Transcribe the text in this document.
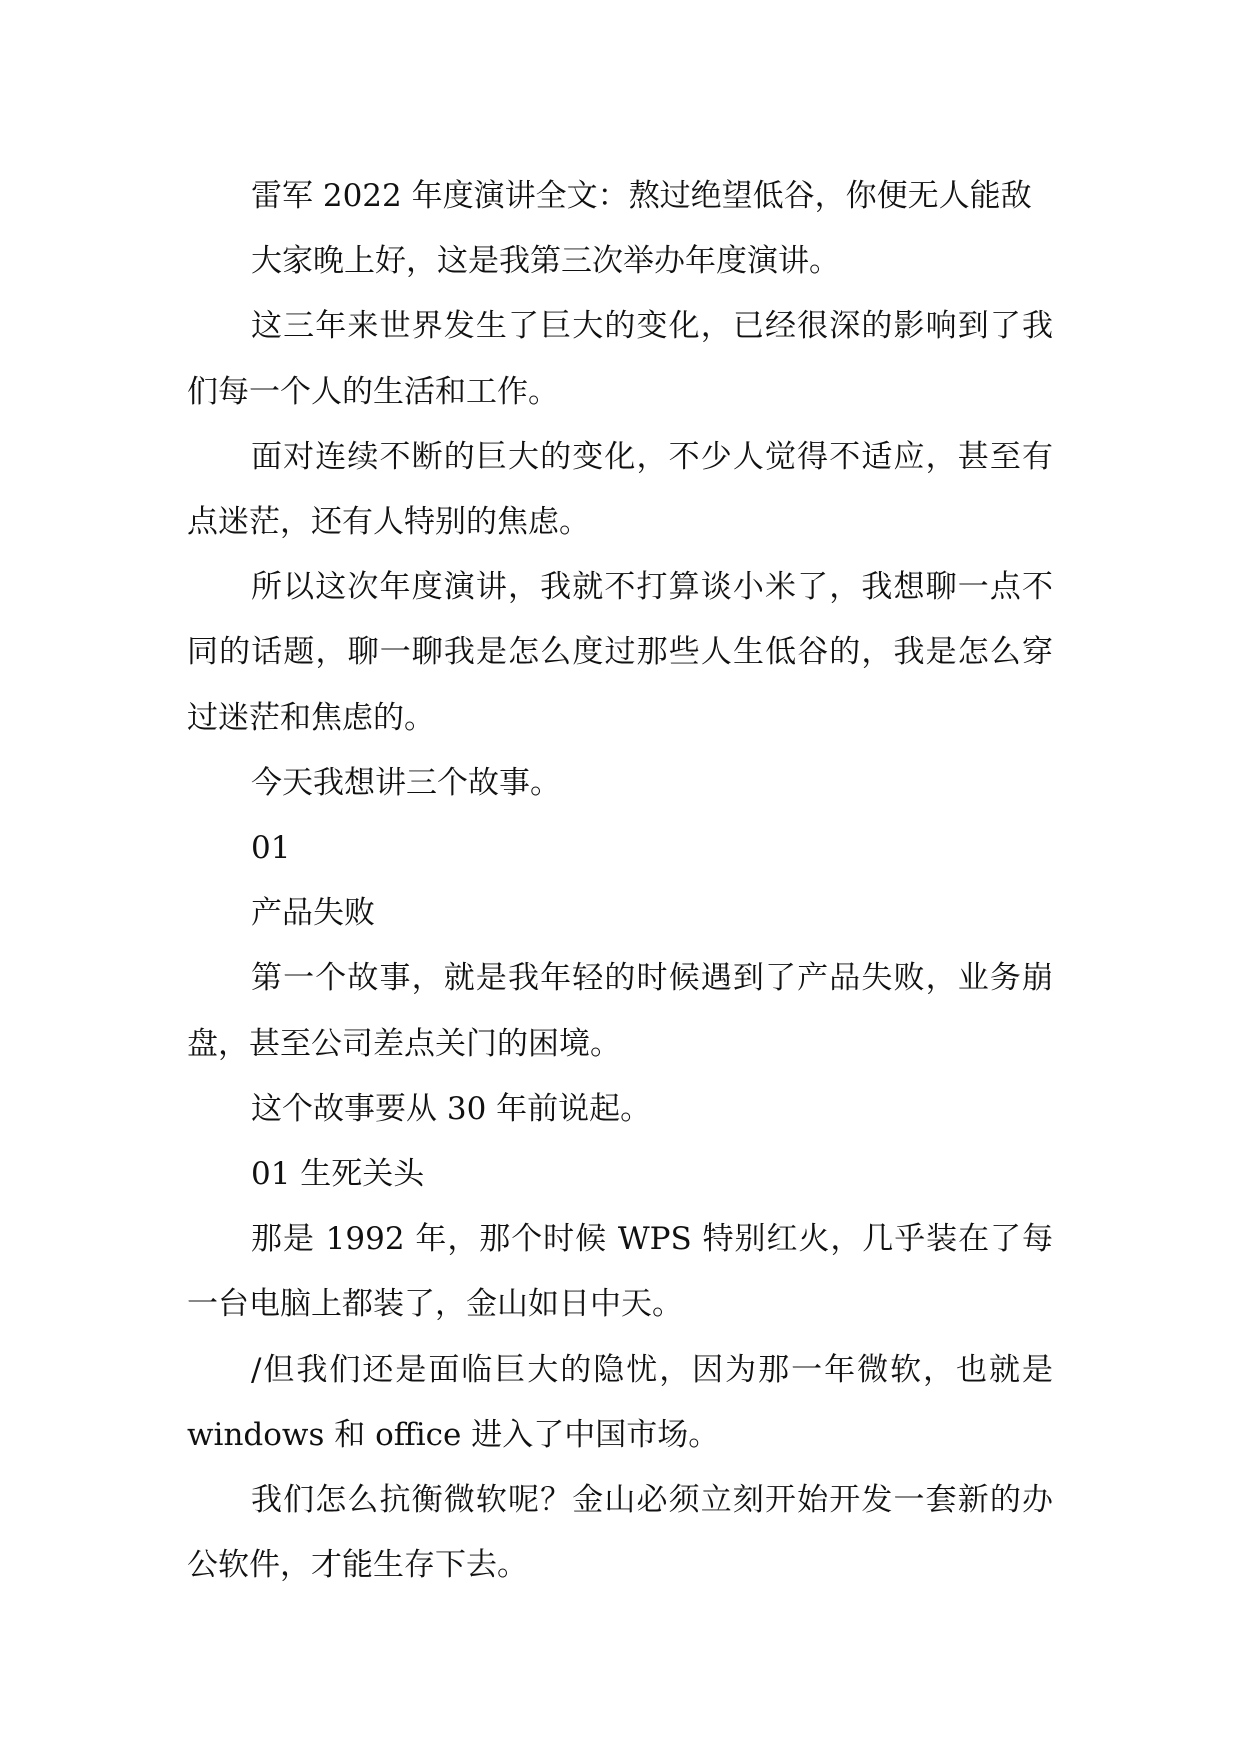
雷军 2022 年度演讲全文：熬过绝望低谷，你便无人能敌

大家晚上好，这是我第三次举办年度演讲。

这三年来世界发生了巨大的变化，已经很深的影响到了我们每一个人的生活和工作。

面对连续不断的巨大的变化，不少人觉得不适应，甚至有点迷茫，还有人特别的焦虑。

所以这次年度演讲，我就不打算谈小米了，我想聊一点不同的话题，聊一聊我是怎么度过那些人生低谷的，我是怎么穿过迷茫和焦虑的。

今天我想讲三个故事。

01

产品失败

第一个故事，就是我年轻的时候遇到了产品失败，业务崩盘，甚至公司差点关门的困境。

这个故事要从 30 年前说起。

01 生死关头

那是 1992 年，那个时候 WPS 特别红火，几乎装在了每一台电脑上都装了，金山如日中天。

/但我们还是面临巨大的隐忧，因为那一年微软，也就是 windows 和 office 进入了中国市场。

我们怎么抗衡微软呢？金山必须立刻开始开发一套新的办公软件，才能生存下去。
